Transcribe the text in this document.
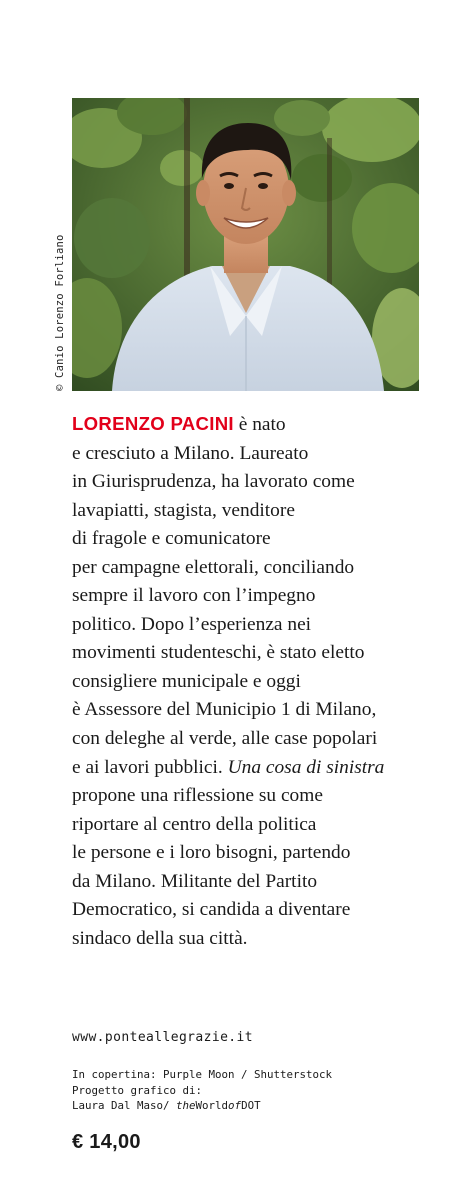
© Canio Lorenzo Forliano

LORENZO PACINI è nato
e cresciuto a Milano. Laureato
in Giurisprudenza, ha lavorato come
lavapiatti, stagista, venditore
di fragole e comunicatore
per campagne elettorali, conciliando
sempre il lavoro con l’impegno
politico. Dopo l’esperienza nei
movimenti studenteschi, è stato eletto
consigliere municipale e oggi
è Assessore del Municipio 1 di Milano,
con deleghe al verde, alle case popolari
e ai lavori pubblici. Una cosa di sinistra
propone una riflessione su come
riportare al centro della politica
le persone e i loro bisogni, partendo
da Milano. Militante del Partito
Democratico, si candida a diventare
sindaco della sua città.

www.ponteallegrazie.it
In copertina: Purple Moon / Shutterstock
Progetto grafico di:
Laura Dal Maso/ theWorldofDOT
€ 14,00
